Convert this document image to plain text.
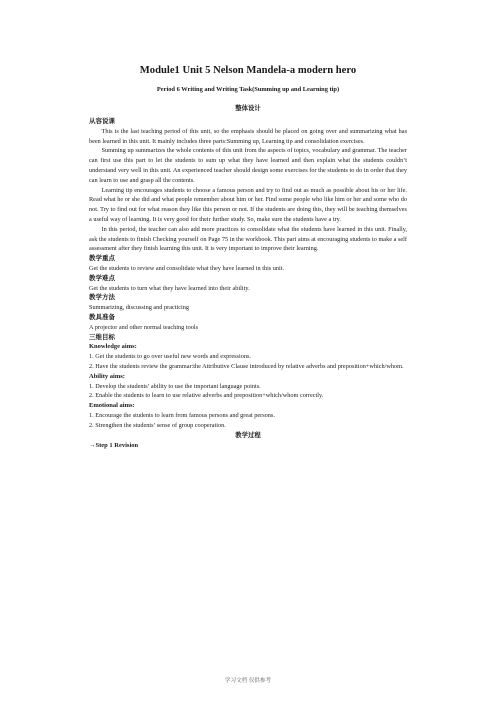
Module1 Unit 5 Nelson Mandela-a modern hero

Period 6 Writing and Writing Task(Summing up and Learning tip)

整体设计

从容说课

This is the last teaching period of this unit, so the emphasis should be placed on going over and summarizing what has been learned in this unit. It mainly includes three parts:Summing up, Learning tip and consolidation exercises.

Summing up summarizes the whole contents of this unit from the aspects of topics, vocabulary and grammar. The teacher can first use this part to let the students to sum up what they have learned and then explain what the students couldn’t understand very well in this unit. An experienced teacher should design some exercises for the students to do in order that they can learn to use and grasp all the contents.

Learning tip encourages students to choose a famous person and try to find out as much as possible about his or her life. Read what he or she did and what people remember about him or her. Find some people who like him or her and some who do not. Try to find out for what reason they like this person or not. If the students are doing this, they will be teaching themselves a useful way of learning. It is very good for their further study. So, make sure the students have a try.

In this period, the teacher can also add more practices to consolidate what the students have learned in this unit. Finally, ask the students to finish Checking yourself on Page 75 in the workbook. This part aims at encouraging students to make a self assessment after they finish learning this unit. It is very important to improve their learning.

教学重点

Get the students to review and consolidate what they have learned in this unit.

教学难点

Get the students to turn what they have learned into their ability.

教学方法

Summarizing, discussing and practicing

教具准备

A projector and other normal teaching tools

三维目标

Knowledge aims:

1. Get the students to go over useful new words and expressions.

2. Have the students review the grammar:the Attributive Clause introduced by relative adverbs and preposition+which/whom.

Ability aims:

1. Develop the students’ ability to use the important language points.

2. Enable the students to learn to use relative adverbs and preposition+which/whom correctly.

Emotional aims:

1. Encourage the students to learn from famous persons and great persons.

2. Strengthen the students’ sense of group cooperation.

教学过程

→Step 1 Revision

学习文档 仅供参考
